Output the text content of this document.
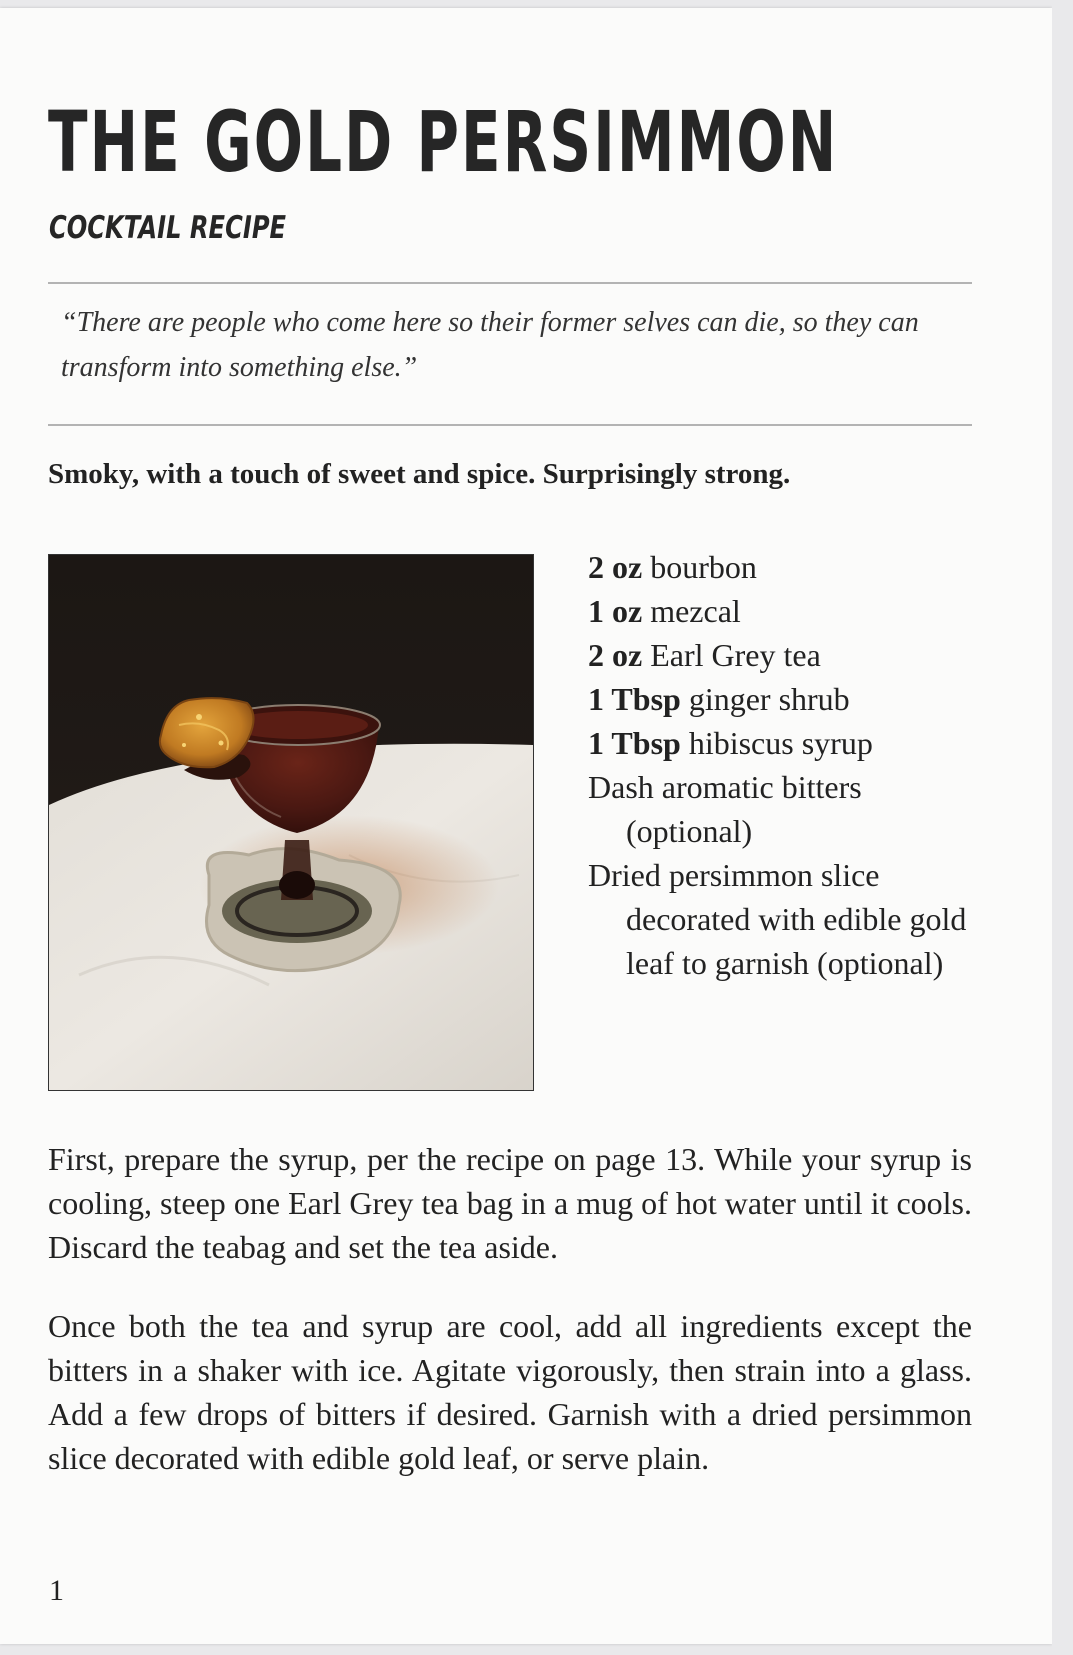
THE GOLD PERSIMMON
COCKTAIL RECIPE

“There are people who come here so their former selves can die, so they can transform into something else.”

Smoky, with a touch of sweet and spice. Surprisingly strong.

2 oz bourbon
1 oz mezcal
2 oz Earl Grey tea
1 Tbsp ginger shrub
1 Tbsp hibiscus syrup
Dash aromatic bitters (optional)
Dried persimmon slice decorated with edible gold leaf to garnish (optional)

First, prepare the syrup, per the recipe on page 13. While your syrup is cooling, steep one Earl Grey tea bag in a mug of hot water until it cools. Discard the teabag and set the tea aside.

Once both the tea and syrup are cool, add all ingredients except the bitters in a shaker with ice. Agitate vigorously, then strain into a glass. Add a few drops of bitters if desired. Garnish with a dried persimmon slice decorated with edible gold leaf, or serve plain.

1
